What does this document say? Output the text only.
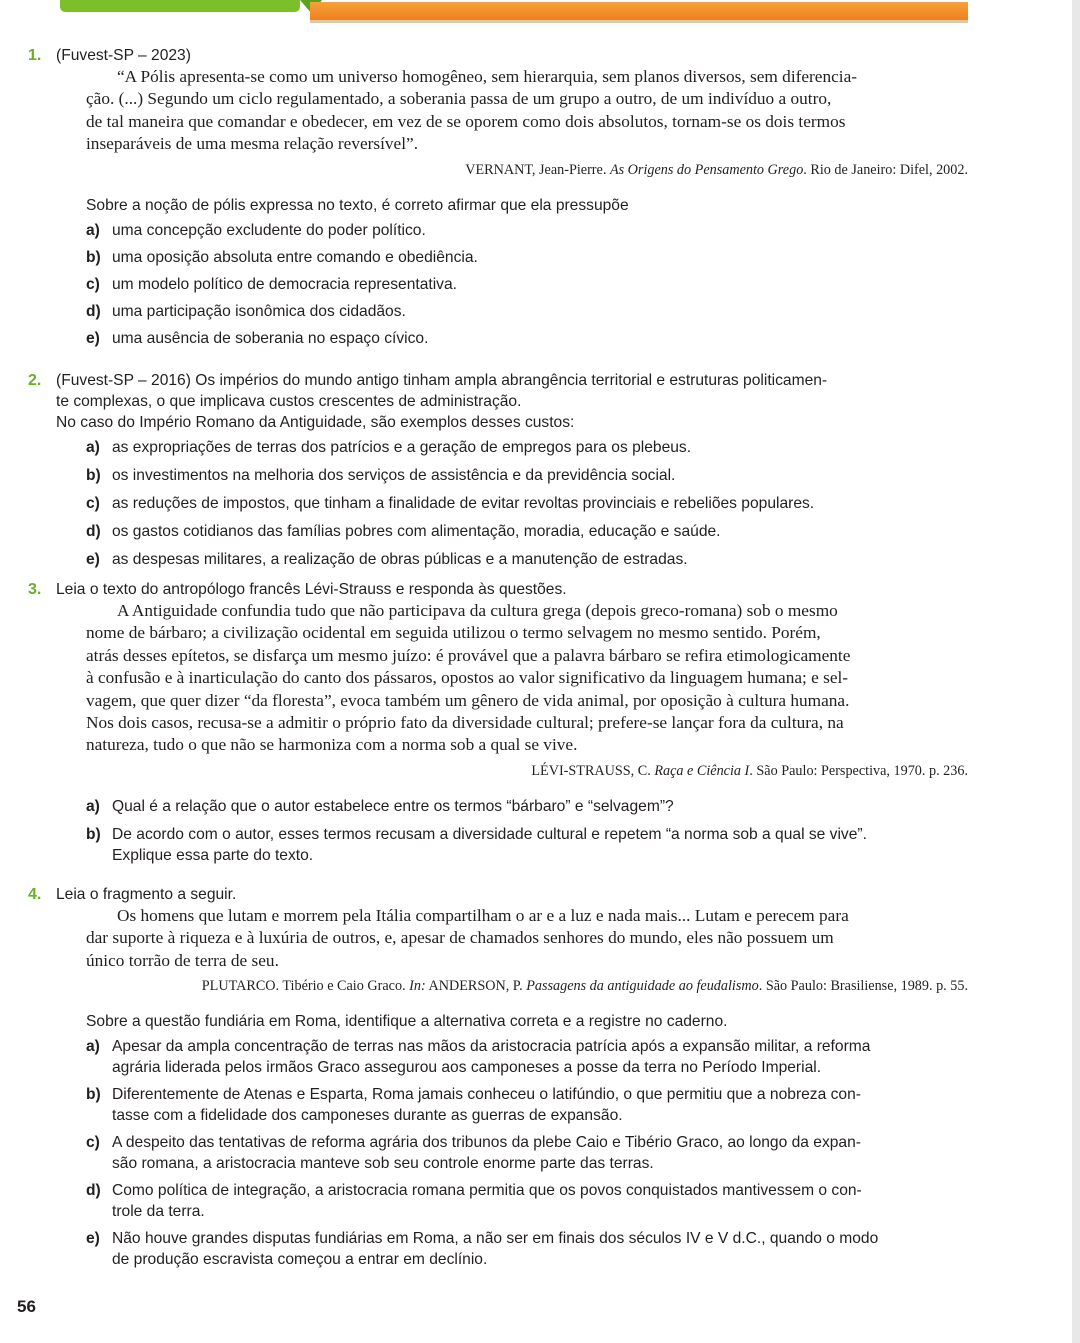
1. (Fuvest-SP – 2023)
“A Pólis apresenta-se como um universo homogêneo, sem hierarquia, sem planos diversos, sem diferencia-
ção. (...) Segundo um ciclo regulamentado, a soberania passa de um grupo a outro, de um indivíduo a outro,
de tal maneira que comandar e obedecer, em vez de se oporem como dois absolutos, tornam-se os dois termos
inseparáveis de uma mesma relação reversível”.
VERNANT, Jean-Pierre. As Origens do Pensamento Grego. Rio de Janeiro: Difel, 2002.
Sobre a noção de pólis expressa no texto, é correto afirmar que ela pressupõe
a) uma concepção excludente do poder político.
b) uma oposição absoluta entre comando e obediência.
c) um modelo político de democracia representativa.
d) uma participação isonômica dos cidadãos.
e) uma ausência de soberania no espaço cívico.
2. (Fuvest-SP – 2016) Os impérios do mundo antigo tinham ampla abrangência territorial e estruturas politicamen-
te complexas, o que implicava custos crescentes de administração.
No caso do Império Romano da Antiguidade, são exemplos desses custos:
a) as expropriações de terras dos patrícios e a geração de empregos para os plebeus.
b) os investimentos na melhoria dos serviços de assistência e da previdência social.
c) as reduções de impostos, que tinham a finalidade de evitar revoltas provinciais e rebeliões populares.
d) os gastos cotidianos das famílias pobres com alimentação, moradia, educação e saúde.
e) as despesas militares, a realização de obras públicas e a manutenção de estradas.
3. Leia o texto do antropólogo francês Lévi-Strauss e responda às questões.
A Antiguidade confundia tudo que não participava da cultura grega (depois greco-romana) sob o mesmo
nome de bárbaro; a civilização ocidental em seguida utilizou o termo selvagem no mesmo sentido. Porém,
atrás desses epítetos, se disfarça um mesmo juízo: é provável que a palavra bárbaro se refira etimologicamente
à confusão e à inarticulação do canto dos pássaros, opostos ao valor significativo da linguagem humana; e sel-
vagem, que quer dizer “da floresta”, evoca também um gênero de vida animal, por oposição à cultura humana.
Nos dois casos, recusa-se a admitir o próprio fato da diversidade cultural; prefere-se lançar fora da cultura, na
natureza, tudo o que não se harmoniza com a norma sob a qual se vive.
LÉVI-STRAUSS, C. Raça e Ciência I. São Paulo: Perspectiva, 1970. p. 236.
a) Qual é a relação que o autor estabelece entre os termos “bárbaro” e “selvagem”?
b) De acordo com o autor, esses termos recusam a diversidade cultural e repetem “a norma sob a qual se vive”.
Explique essa parte do texto.
4. Leia o fragmento a seguir.
Os homens que lutam e morrem pela Itália compartilham o ar e a luz e nada mais... Lutam e perecem para
dar suporte à riqueza e à luxúria de outros, e, apesar de chamados senhores do mundo, eles não possuem um
único torrão de terra de seu.
PLUTARCO. Tibério e Caio Graco. In: ANDERSON, P. Passagens da antiguidade ao feudalismo. São Paulo: Brasiliense, 1989. p. 55.
Sobre a questão fundiária em Roma, identifique a alternativa correta e a registre no caderno.
a) Apesar da ampla concentração de terras nas mãos da aristocracia patrícia após a expansão militar, a reforma
agrária liderada pelos irmãos Graco assegurou aos camponeses a posse da terra no Período Imperial.
b) Diferentemente de Atenas e Esparta, Roma jamais conheceu o latifúndio, o que permitiu que a nobreza con-
tasse com a fidelidade dos camponeses durante as guerras de expansão.
c) A despeito das tentativas de reforma agrária dos tribunos da plebe Caio e Tibério Graco, ao longo da expan-
são romana, a aristocracia manteve sob seu controle enorme parte das terras.
d) Como política de integração, a aristocracia romana permitia que os povos conquistados mantivessem o con-
trole da terra.
e) Não houve grandes disputas fundiárias em Roma, a não ser em finais dos séculos IV e V d.C., quando o modo
de produção escravista começou a entrar em declínio.
56
